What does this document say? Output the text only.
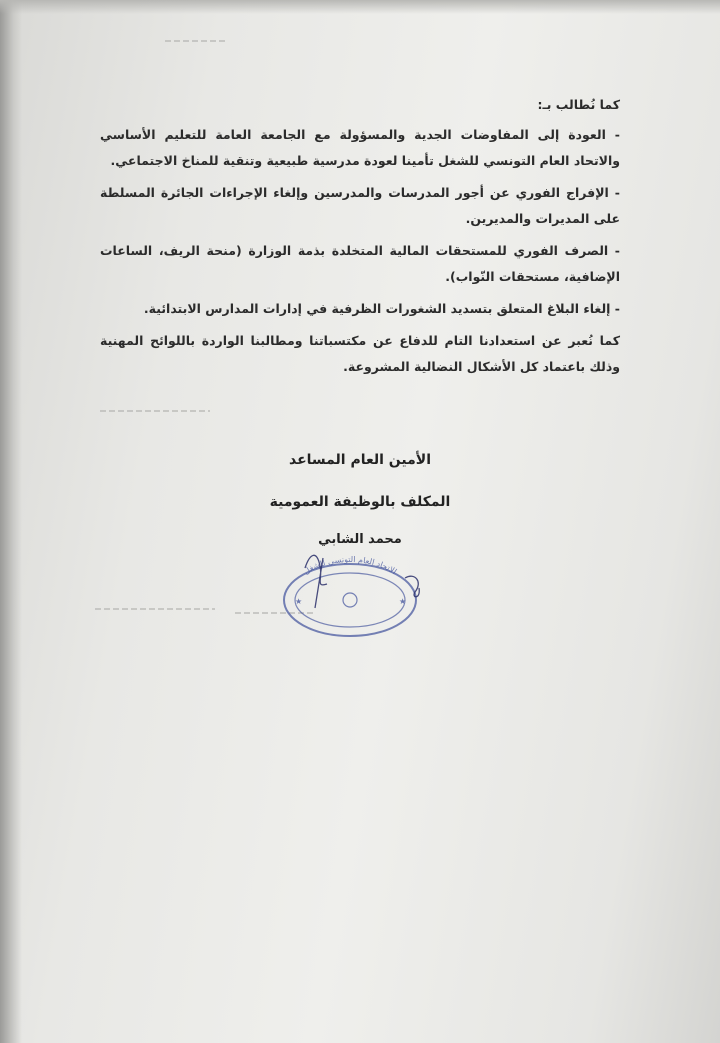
كما نُطالب بـ:

- العودة إلى المفاوضات الجدية والمسؤولة مع الجامعة العامة للتعليم الأساسي والاتحاد العام التونسي للشغل تأمينا لعودة مدرسية طبيعية وتنقية للمناخ الاجتماعي.

- الإفراج الفوري عن أجور المدرسات والمدرسين وإلغاء الإجراءات الجائرة المسلطة على المديرات والمديرين.

- الصرف الفوري للمستحقات المالية المتخلدة بذمة الوزارة (منحة الريف، الساعات الإضافية، مستحقات النّواب).

- إلغاء البلاغ المتعلق بتسديد الشغورات الظرفية في إدارات المدارس الابتدائية.

كما نُعبر عن استعدادنا التام للدفاع عن مكتسباتنا ومطالبنا الواردة باللوائح المهنية وذلك باعتماد كل الأشكال النضالية المشروعة.

الأمين العام المساعد
المكلف بالوظيفة العمومية
محمد الشابي
الاتحاد العام التونسي للشغل
★	★
